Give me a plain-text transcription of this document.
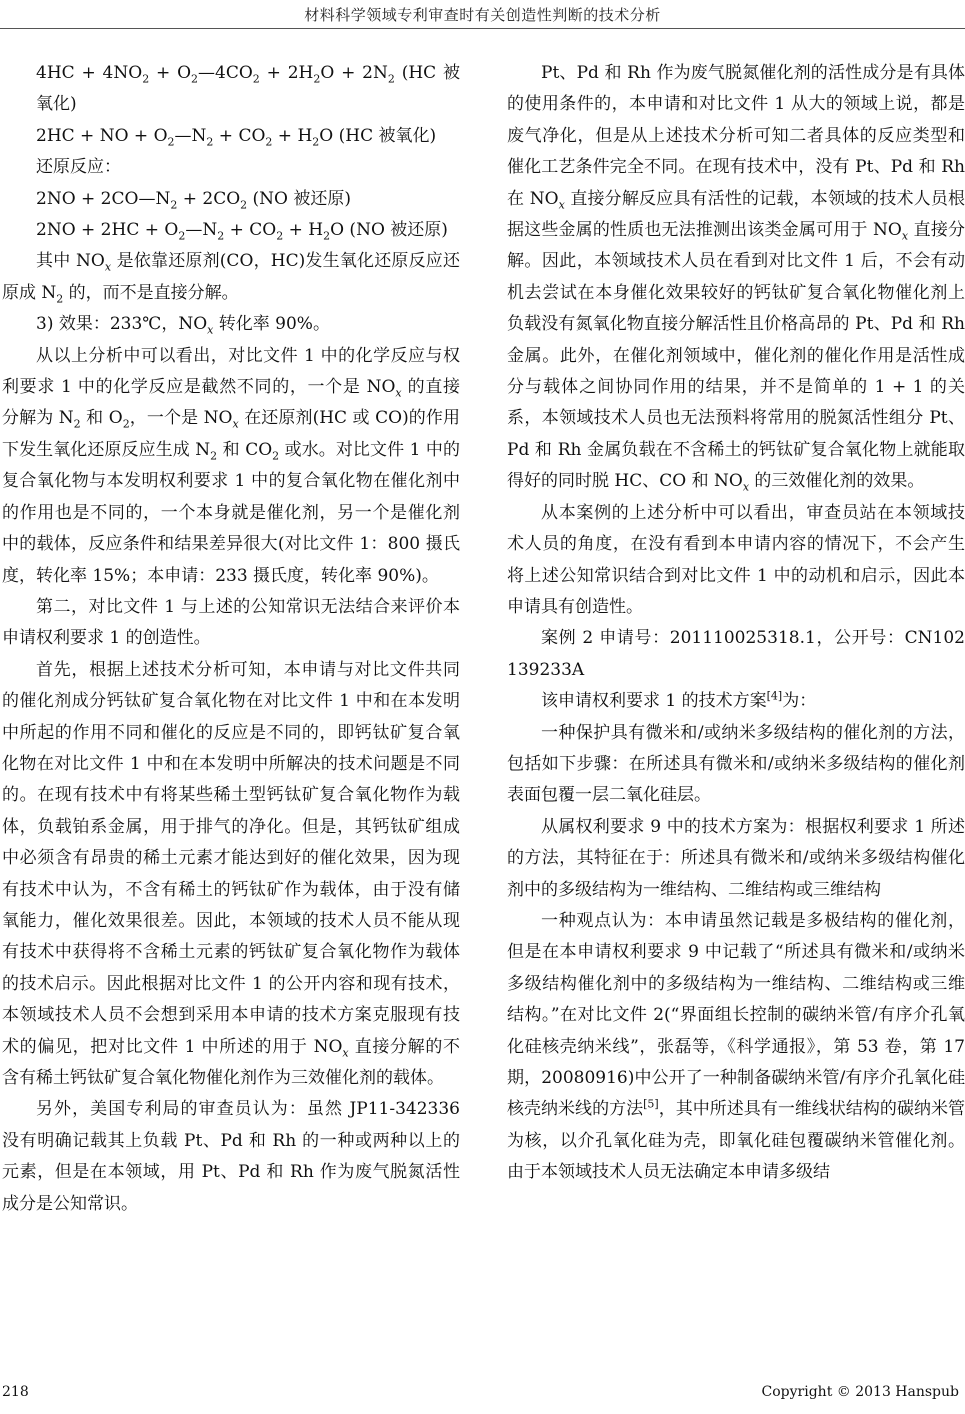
材料科学领域专利审查时有关创造性判断的技术分析

$4HC + 4NO_2$ + $O_2—4CO_2 + 2H_2O + 2N_2$ (HC 被氧化)

2HC + NO + $O_2—N_2 + CO_2 + H_2O$ (HC 被氧化)

还原反应：

$2NO + 2CO—N_2 + 2CO_2$ (NO 被还原)

$2NO + 2HC + O_2—N_2 + CO_2 + H_2O$ (NO 被还原)

其中 $NO_x$ 是依靠还原剂(CO，HC)发生氧化还原反应还原成 $N_2$ 的，而不是直接分解。

3) 效果：233℃，$NO_x$ 转化率 90%。

从以上分析中可以看出，对比文件 1 中的化学反应与权利要求 1 中的化学反应是截然不同的，一个是 $NO_x$ 的直接分解为 $N_2$ 和 $O_2$，一个是 $NO_x$ 在还原剂(HC 或 CO)的作用下发生氧化还原反应生成 $N_2$ 和 $CO_2$ 或水。对比文件 1 中的复合氧化物与本发明权利要求 1 中的复合氧化物在催化剂中的作用也是不同的，一个本身就是催化剂，另一个是催化剂中的载体，反应条件和结果差异很大(对比文件 1：800 摄氏度，转化率 15%；本申请：233 摄氏度，转化率 90%)。

第二，对比文件 1 与上述的公知常识无法结合来评价本申请权利要求 1 的创造性。

首先，根据上述技术分析可知，本申请与对比文件共同的催化剂成分钙钛矿复合氧化物在对比文件 1 中和在本发明中所起的作用不同和催化的反应是不同的，即钙钛矿复合氧化物在对比文件 1 中和在本发明中所解决的技术问题是不同的。在现有技术中有将某些稀土型钙钛矿复合氧化物作为载体，负载铂系金属，用于排气的净化。但是，其钙钛矿组成中必须含有昂贵的稀土元素才能达到好的催化效果，因为现有技术中认为，不含有稀土的钙钛矿作为载体，由于没有储氧能力，催化效果很差。因此，本领域的技术人员不能从现有技术中获得将不含稀土元素的钙钛矿复合氧化物作为载体的技术启示。因此根据对比文件 1 的公开内容和现有技术，本领域技术人员不会想到采用本申请的技术方案克服现有技术的偏见，把对比文件 1 中所述的用于 $NO_x$ 直接分解的不含有稀土钙钛矿复合氧化物催化剂作为三效催化剂的载体。

另外，美国专利局的审查员认为：虽然 JP11-342336 没有明确记载其上负载 Pt、Pd 和 Rh 的一种或两种以上的元素，但是在本领域，用 Pt、Pd 和 Rh 作为废气脱氮活性成分是公知常识。

Pt、Pd 和 Rh 作为废气脱氮催化剂的活性成分是有具体的使用条件的，本申请和对比文件 1 从大的领域上说，都是废气净化，但是从上述技术分析可知二者具体的反应类型和催化工艺条件完全不同。在现有技术中，没有 Pt、Pd 和 Rh 在 $NO_x$ 直接分解反应具有活性的记载，本领域的技术人员根据这些金属的性质也无法推测出该类金属可用于 $NO_x$ 直接分解。因此，本领域技术人员在看到对比文件 1 后，不会有动机去尝试在本身催化效果较好的钙钛矿复合氧化物催化剂上负载没有氮氧化物直接分解活性且价格高昂的 Pt、Pd 和 Rh 金属。此外，在催化剂领域中，催化剂的催化作用是活性成分与载体之间协同作用的结果，并不是简单的 1 + 1 的关系，本领域技术人员也无法预料将常用的脱氮活性组分 Pt、Pd 和 Rh 金属负载在不含稀土的钙钛矿复合氧化物上就能取得好的同时脱 HC、CO 和 $NO_x$ 的三效催化剂的效果。

从本案例的上述分析中可以看出，审查员站在本领域技术人员的角度，在没有看到本申请内容的情况下，不会产生将上述公知常识结合到对比文件 1 中的动机和启示，因此本申请具有创造性。

案例 2 申请号：201110025318.1，公开号：CN102139233A

该申请权利要求 1 的技术方案[4]为：

一种保护具有微米和/或纳米多级结构的催化剂的方法，包括如下步骤：在所述具有微米和/或纳米多级结构的催化剂表面包覆一层二氧化硅层。

从属权利要求 9 中的技术方案为：根据权利要求 1 所述的方法，其特征在于：所述具有微米和/或纳米多级结构催化剂中的多级结构为一维结构、二维结构或三维结构

一种观点认为：本申请虽然记载是多极结构的催化剂，但是在本申请权利要求 9 中记载了“所述具有微米和/或纳米多级结构催化剂中的多级结构为一维结构、二维结构或三维结构。”在对比文件 2(“界面组长控制的碳纳米管/有序介孔氧化硅核壳纳米线”，张磊等，《科学通报》，第 53 卷，第 17 期，20080916)中公开了一种制备碳纳米管/有序介孔氧化硅核壳纳米线的方法[5]，其中所述具有一维线状结构的碳纳米管为核，以介孔氧化硅为壳，即氧化硅包覆碳纳米管催化剂。由于本领域技术人员无法确定本申请多级结

218	Copyright © 2013 Hanspub
